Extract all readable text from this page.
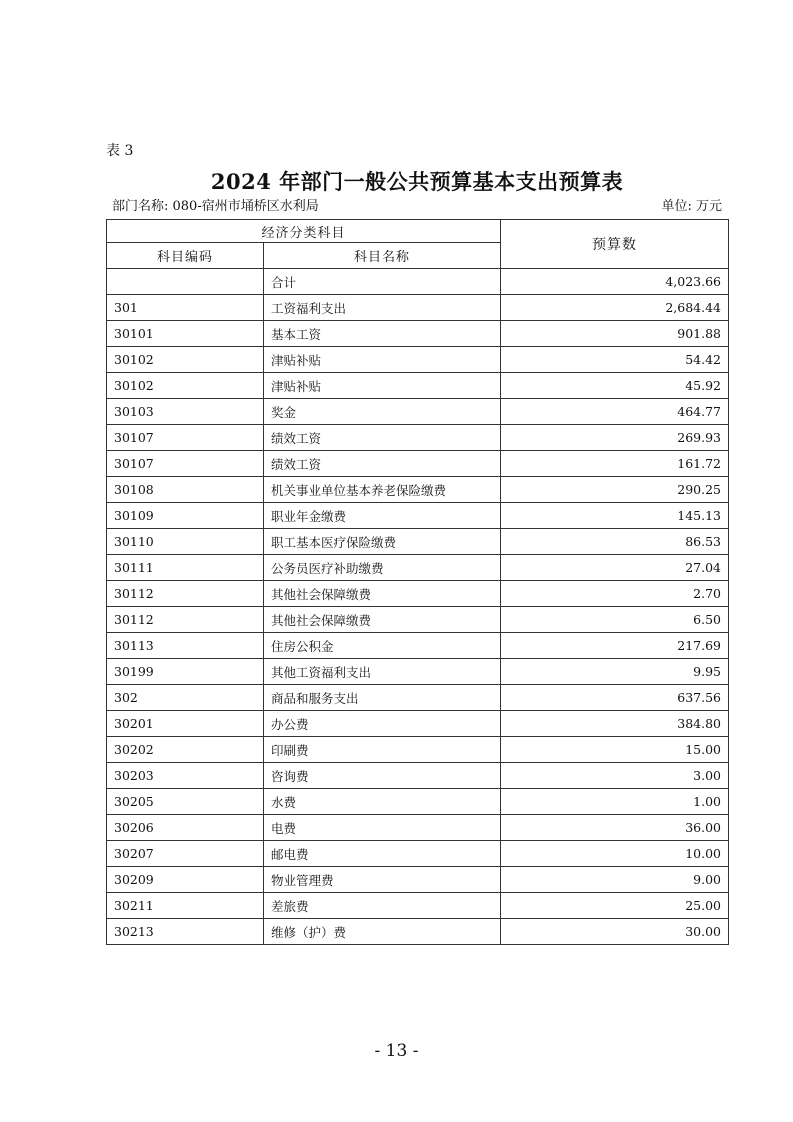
表 3
2024 年部门一般公共预算基本支出预算表
部门名称: 080-宿州市埇桥区水利局	单位: 万元
经济分类科目		预算数
科目编码	科目名称	
	合计	4,023.66
301	工资福利支出	2,684.44
30101	基本工资	901.88
30102	津贴补贴	54.42
30102	津贴补贴	45.92
30103	奖金	464.77
30107	绩效工资	269.93
30107	绩效工资	161.72
30108	机关事业单位基本养老保险缴费	290.25
30109	职业年金缴费	145.13
30110	职工基本医疗保险缴费	86.53
30111	公务员医疗补助缴费	27.04
30112	其他社会保障缴费	2.70
30112	其他社会保障缴费	6.50
30113	住房公积金	217.69
30199	其他工资福利支出	9.95
302	商品和服务支出	637.56
30201	办公费	384.80
30202	印刷费	15.00
30203	咨询费	3.00
30205	水费	1.00
30206	电费	36.00
30207	邮电费	10.00
30209	物业管理费	9.00
30211	差旅费	25.00
30213	维修（护）费	30.00
- 13 -
